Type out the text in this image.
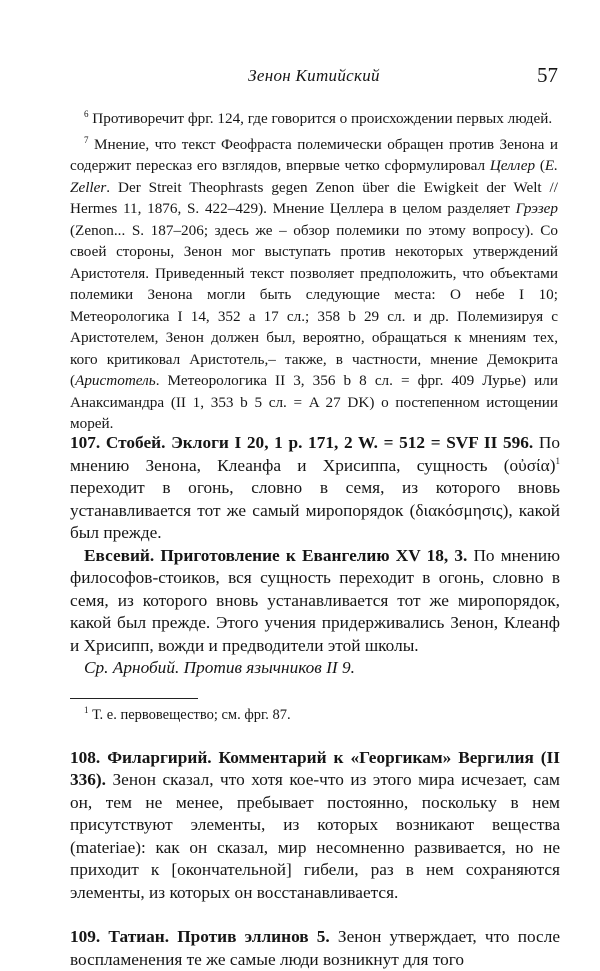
Зенон Китийский	57

$^6$ Противоречит фрг. 124, где говорится о происхождении первых людей.

$^7$ Мнение, что текст Феофраста полемически обращен против Зенона и содержит пересказ его взглядов, впервые четко сформулировал Целлер (E. Zeller. Der Streit Theophrasts gegen Zenon über die Ewigkeit der Welt // Hermes 11, 1876, S. 422–429). Мнение Целлера в целом разделяет Грэзер (Zenon... S. 187–206; здесь же – обзор полемики по этому вопросу). Со своей стороны, Зенон мог выступать против некоторых утверждений Аристотеля. Приведенный текст позволяет предположить, что объектами полемики Зенона могли быть следующие места: О небе I 10; Метеорологика I 14, 352 a 17 сл.; 358 b 29 сл. и др. Полемизируя с Аристотелем, Зенон должен был, вероятно, обращаться к мнениям тех, кого критиковал Аристотель,– также, в частности, мнение Демокрита (Аристотель. Метеорологика II 3, 356 b 8 сл. = фрг. 409 Лурье) или Анаксимандра (II 1, 353 b 5 сл. = A 27 DK) о постепенном истощении морей.

107. Стобей. Эклоги I 20, 1 p. 171, 2 W. = 512 = SVF II 596. По мнению Зенона, Клеанфа и Хрисиппа, сущность (οὐσία)$^1$ переходит в огонь, словно в семя, из которого вновь устанавливается тот же самый миропорядок (διακόσμησις), какой был прежде.

Евсевий. Приготовление к Евангелию XV 18, 3. По мнению философов-стоиков, вся сущность переходит в огонь, словно в семя, из которого вновь устанавливается тот же миропорядок, какой был прежде. Этого учения придерживались Зенон, Клеанф и Хрисипп, вожди и предводители этой школы.

Ср. Арнобий. Против язычников II 9.

$^1$ Т. е. первовещество; см. фрг. 87.

108. Филаргирий. Комментарий к «Георгикам» Вергилия (II 336). Зенон сказал, что хотя кое-что из этого мира исчезает, сам он, тем не менее, пребывает постоянно, поскольку в нем присутствуют элементы, из которых возникают вещества (materiae): как он сказал, мир несомненно развивается, но не приходит к [окончательной] гибели, раз в нем сохраняются элементы, из которых он восстанавливается.

109. Татиан. Против эллинов 5. Зенон утверждает, что после воспламенения те же самые люди возникнут для того
